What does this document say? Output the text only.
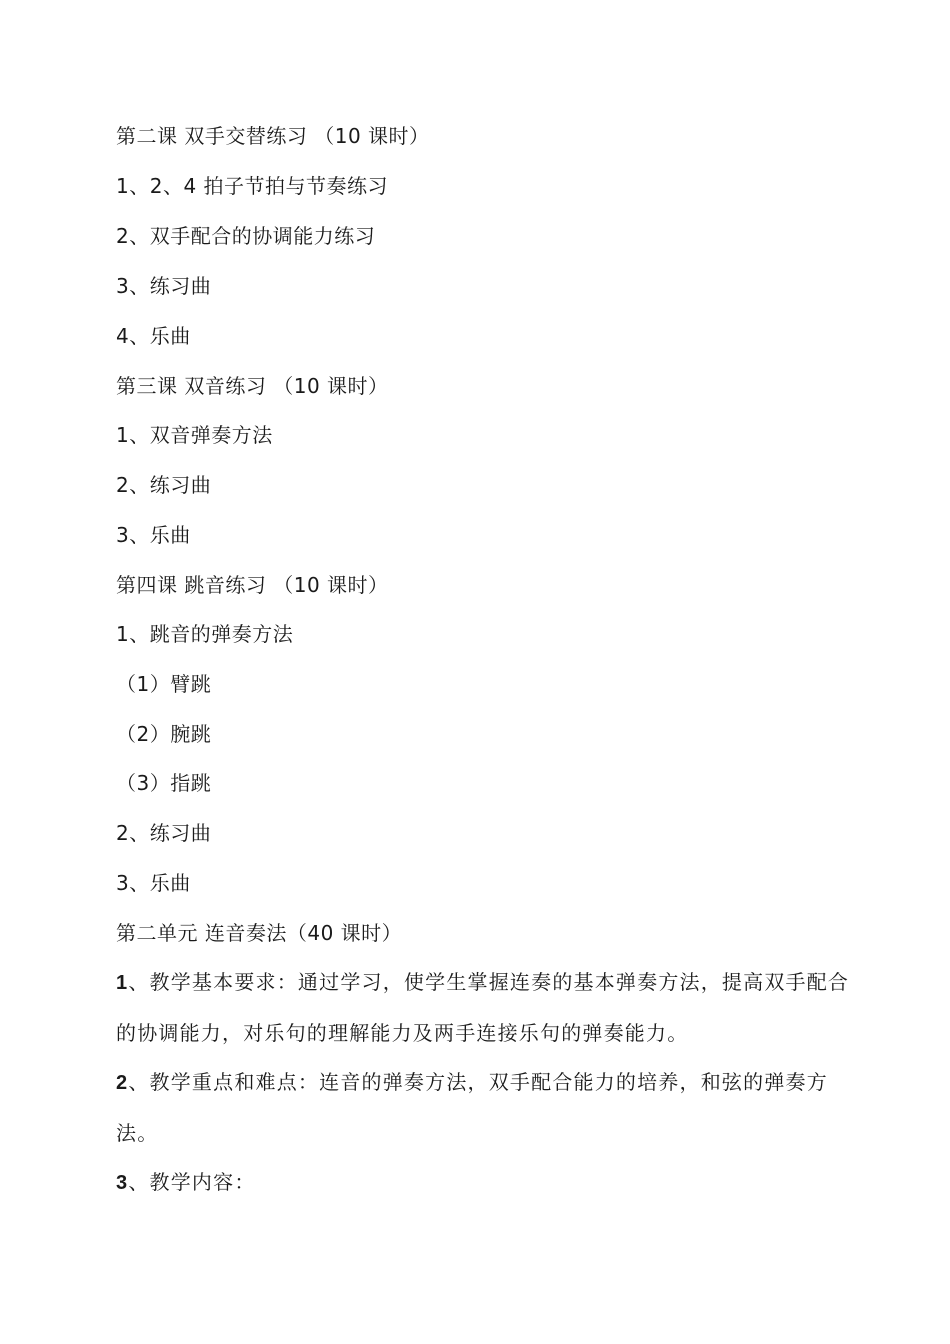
第二课 双手交替练习 （10 课时）
1、2、4 拍子节拍与节奏练习
2、双手配合的协调能力练习
3、练习曲
4、乐曲
第三课 双音练习 （10 课时）
1、双音弹奏方法
2、练习曲
3、乐曲
第四课 跳音练习 （10 课时）
1、跳音的弹奏方法
（1）臂跳
（2）腕跳
（3）指跳
2、练习曲
3、乐曲
第二单元 连音奏法（40 课时）
1、教学基本要求：通过学习，使学生掌握连奏的基本弹奏方法，提高双手配合的协调能力，对乐句的理解能力及两手连接乐句的弹奏能力。
2、教学重点和难点：连音的弹奏方法，双手配合能力的培养，和弦的弹奏方法。
3、教学内容：
